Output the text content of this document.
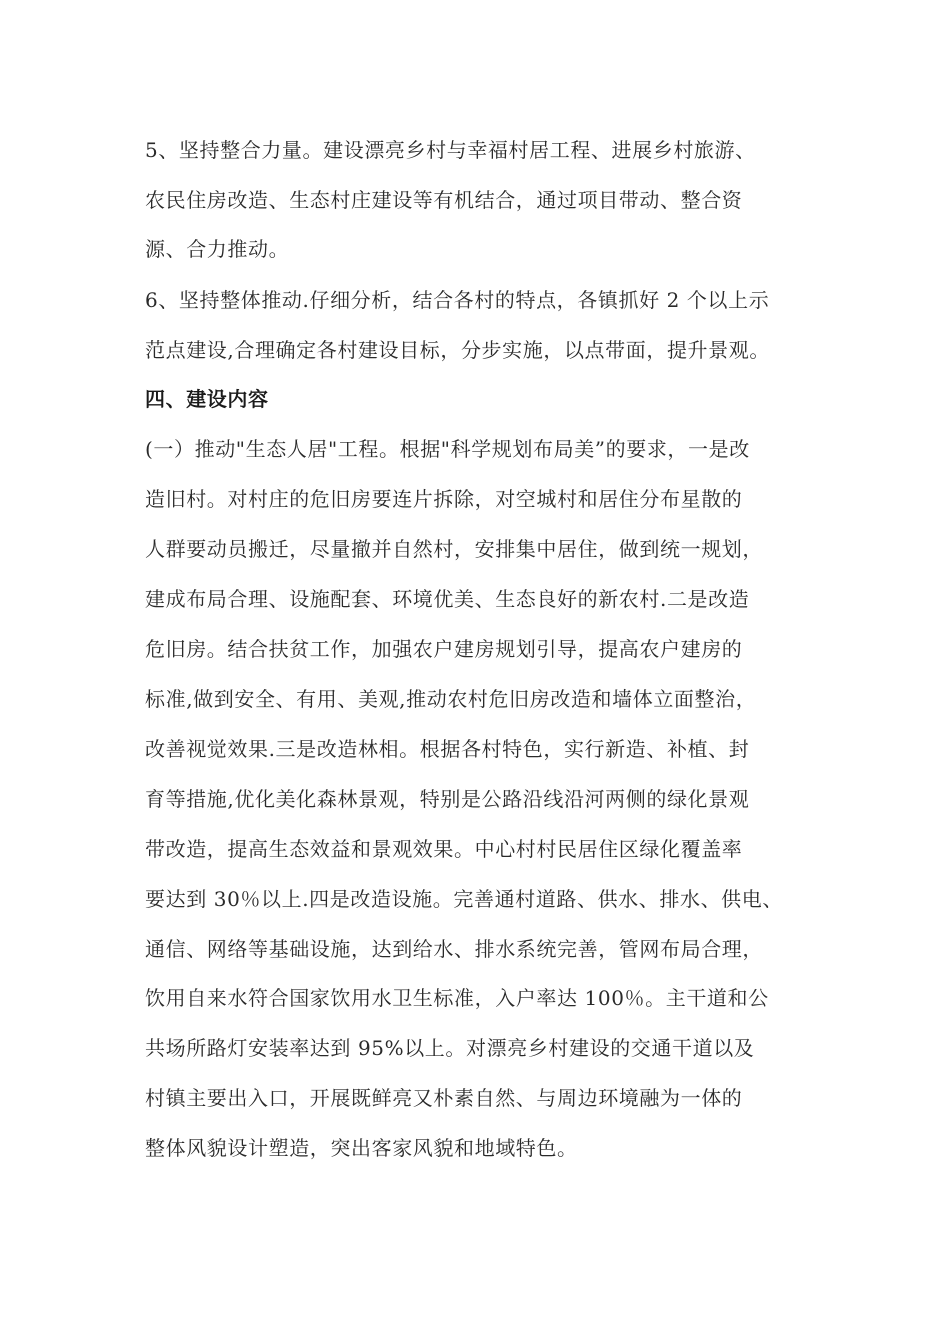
5、坚持整合力量。建设漂亮乡村与幸福村居工程、进展乡村旅游、
农民住房改造、生态村庄建设等有机结合，通过项目带动、整合资
源、合力推动。
6、坚持整体推动.仔细分析，结合各村的特点，各镇抓好 2 个以上示
范点建设,合理确定各村建设目标，分步实施，以点带面，提升景观。
四、建设内容
(一）推动"生态人居"工程。根据"科学规划布局美”的要求，一是改
造旧村。对村庄的危旧房要连片拆除，对空城村和居住分布星散的
人群要动员搬迁，尽量撤并自然村，安排集中居住，做到统一规划，
建成布局合理、设施配套、环境优美、生态良好的新农村.二是改造
危旧房。结合扶贫工作，加强农户建房规划引导，提高农户建房的
标准,做到安全、有用、美观,推动农村危旧房改造和墙体立面整治，
改善视觉效果.三是改造林相。根据各村特色，实行新造、补植、封
育等措施,优化美化森林景观，特别是公路沿线沿河两侧的绿化景观
带改造，提高生态效益和景观效果。中心村村民居住区绿化覆盖率
要达到 30％以上.四是改造设施。完善通村道路、供水、排水、供电、
通信、网络等基础设施，达到给水、排水系统完善，管网布局合理，
饮用自来水符合国家饮用水卫生标准，入户率达 100％。主干道和公
共场所路灯安装率达到 95%以上。对漂亮乡村建设的交通干道以及
村镇主要出入口，开展既鲜亮又朴素自然、与周边环境融为一体的
整体风貌设计塑造，突出客家风貌和地域特色。
